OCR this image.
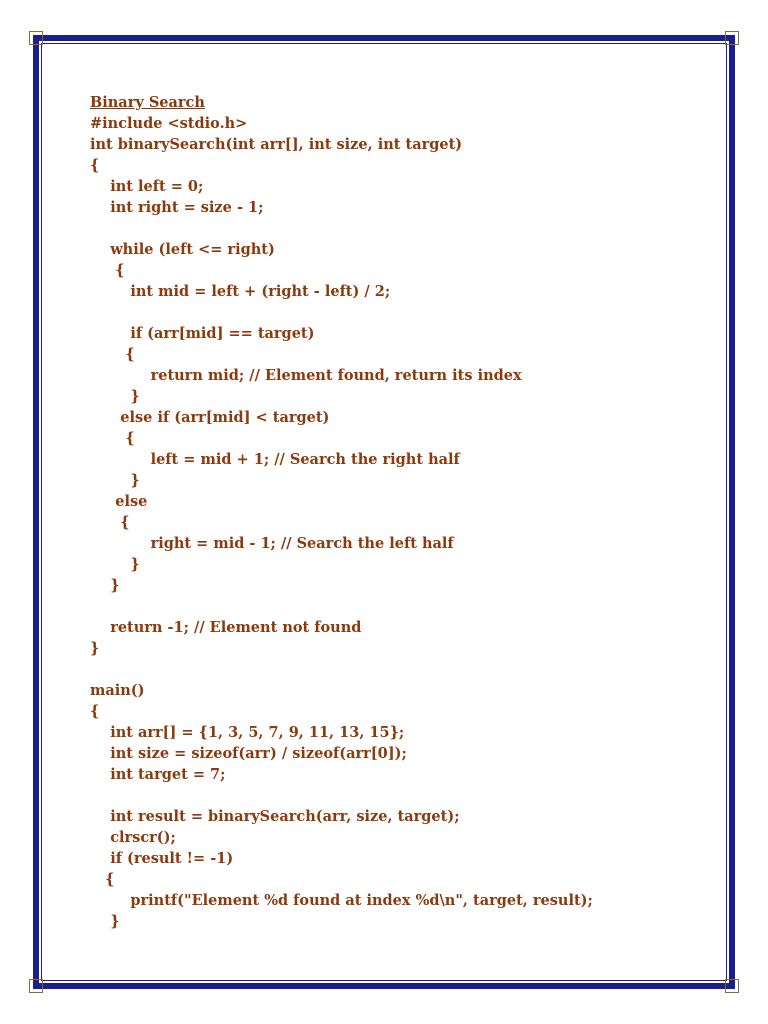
Binary Search
#include <stdio.h>
int binarySearch(int arr[], int size, int target)
{
int left = 0;
int right = size - 1;
while (left <= right)
{
int mid = left + (right - left) / 2;
if (arr[mid] == target)
{
return mid; // Element found, return its index
}
else if (arr[mid] < target)
{
left = mid + 1; // Search the right half
}
else
{
right = mid - 1; // Search the left half
}
}
return -1; // Element not found
}
main()
{
int arr[] = {1, 3, 5, 7, 9, 11, 13, 15};
int size = sizeof(arr) / sizeof(arr[0]);
int target = 7;
int result = binarySearch(arr, size, target);
clrscr();
if (result != -1)
{
printf("Element %d found at index %d\n", target, result);
}
